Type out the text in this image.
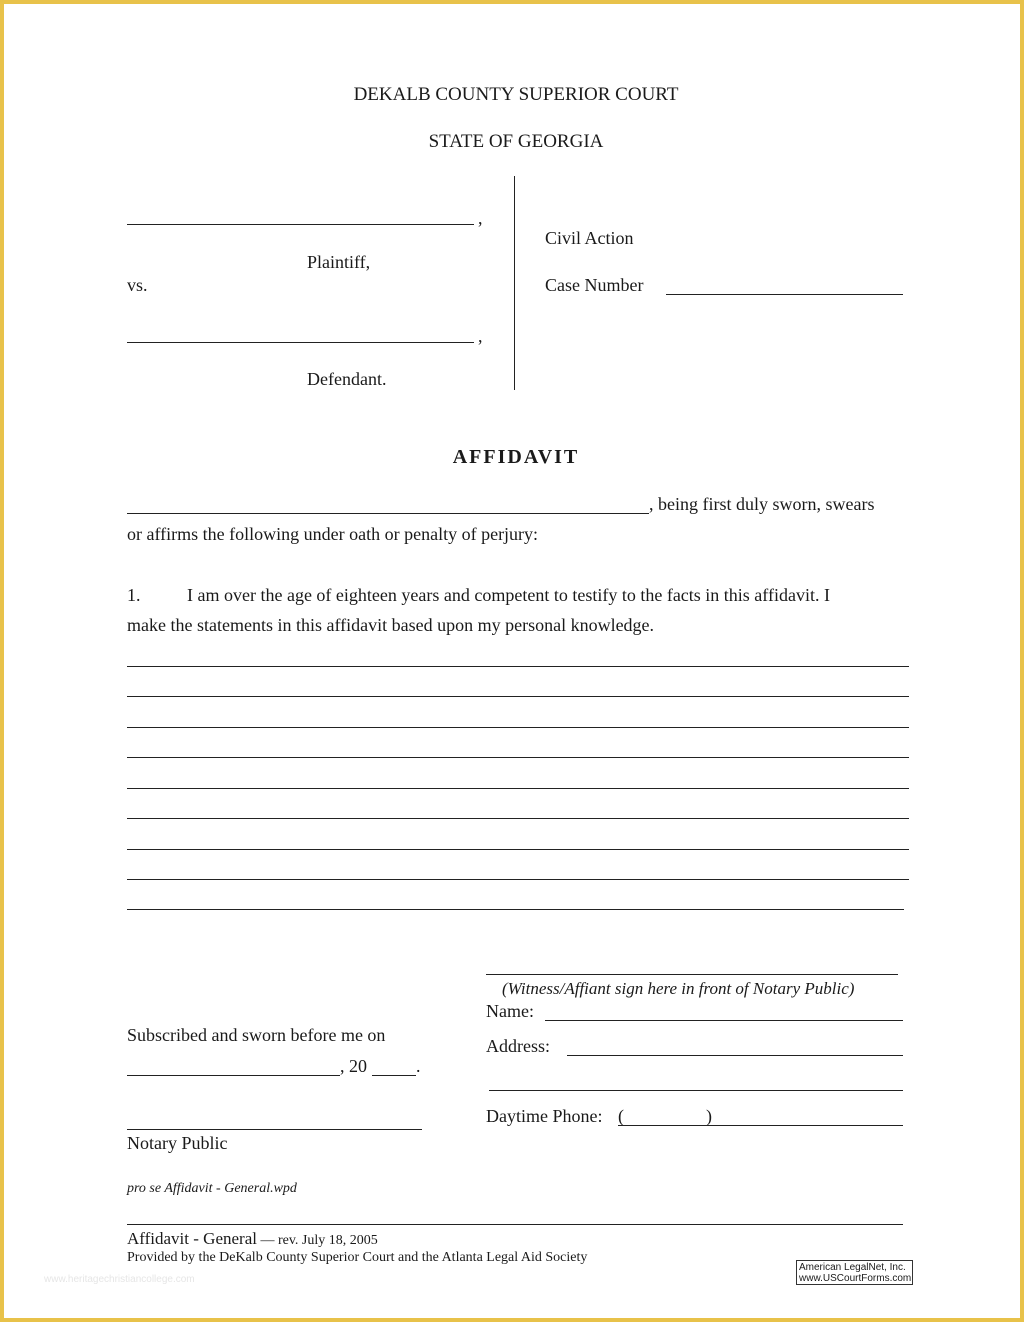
DEKALB COUNTY SUPERIOR COURT
STATE OF GEORGIA
,
Plaintiff,
vs.
,
Defendant.
Civil Action
Case Number
AFFIDAVIT
, being first duly sworn, swears
or affirms the following under oath or penalty of perjury:
1.	I am over the age of eighteen years and competent to testify to the facts in this affidavit. I
make the statements in this affidavit based upon my personal knowledge.
(Witness/Affiant sign here in front of Notary Public)
Name:
Address:
Daytime Phone: (	)
Subscribed and sworn before me on
, 20	.
Notary Public
pro se Affidavit - General.wpd
Affidavit - General — rev. July 18, 2005
Provided by the DeKalb County Superior Court and the Atlanta Legal Aid Society
American LegalNet, Inc.
www.USCourtForms.com
www.heritagechristiancollege.com
